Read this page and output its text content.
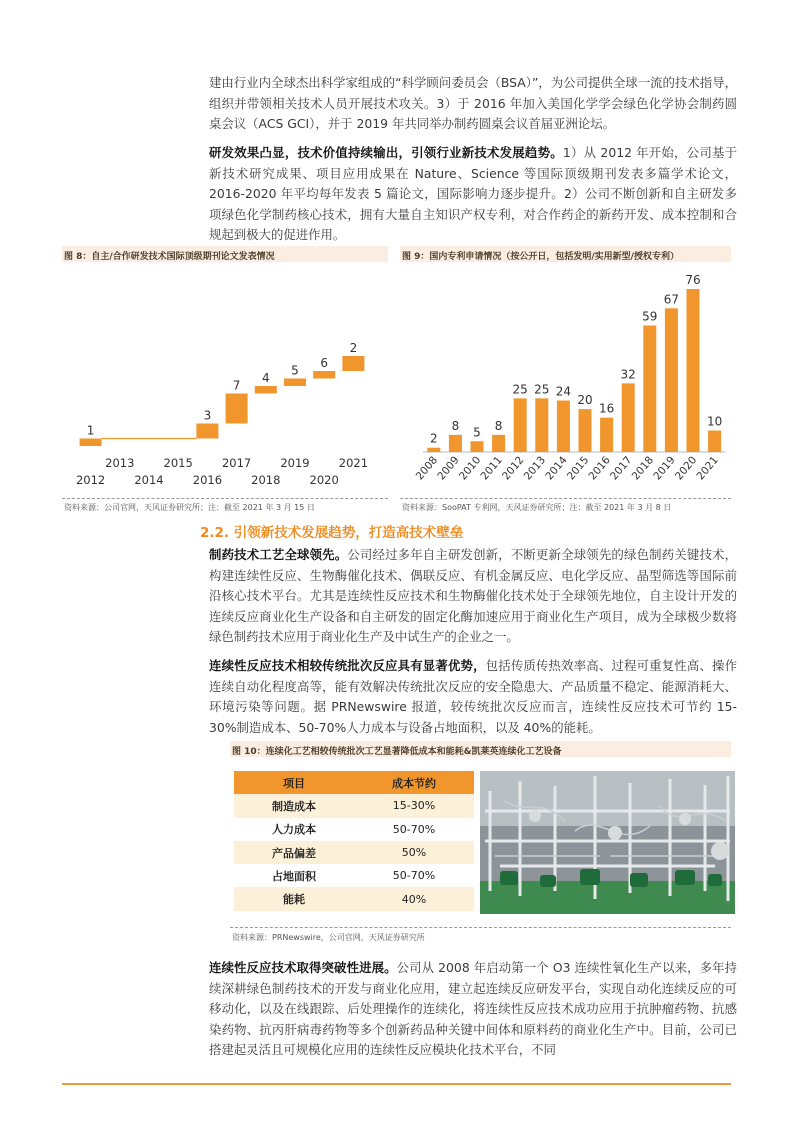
建由行业内全球杰出科学家组成的“科学顾问委员会（BSA）”，为公司提供全球一流的技术指导，组织并带领相关技术人员开展技术攻关。3）于 2016 年加入美国化学学会绿色化学协会制药圆桌会议（ACS GCI），并于 2019 年共同举办制药圆桌会议首届亚洲论坛。
研发效果凸显，技术价值持续输出，引领行业新技术发展趋势。1）从 2012 年开始，公司基于新技术研究成果、项目应用成果在 Nature、Science 等国际顶级期刊发表多篇学术论文，2016-2020 年平均每年发表 5 篇论文，国际影响力逐步提升。2）公司不断创新和自主研发多项绿色化学制药核心技术，拥有大量自主知识产权专利，对合作药企的新药开发、成本控制和合规起到极大的促进作用。
图 8：自主/合作研发技术国际顶级期刊论文发表情况
1
3
7
4
5
6
2
2012
2013
2014
2015
2016
2017
2018
2019
2020
2021
资料来源：公司官网，天风证券研究所；注：截至 2021 年 3 月 15 日
图 9：国内专利申请情况（按公开日，包括发明/实用新型/授权专利）
2
2008
8
2009
5
2010
8
2011
25
2012
25
2013
24
2014
20
2015
16
2016
32
2017
59
2018
67
2019
76
2020
10
2021
资料来源：SooPAT 专利网，天风证券研究所；注：截至 2021 年 3 月 8 日
2.2. 引领新技术发展趋势，打造高技术壁垒
制药技术工艺全球领先。公司经过多年自主研发创新，不断更新全球领先的绿色制药关键技术，构建连续性反应、生物酶催化技术、偶联反应、有机金属反应、电化学反应、晶型筛选等国际前沿核心技术平台。尤其是连续性反应技术和生物酶催化技术处于全球领先地位，自主设计开发的连续反应商业化生产设备和自主研发的固定化酶加速应用于商业化生产项目，成为全球极少数将绿色制药技术应用于商业化生产及中试生产的企业之一。
连续性反应技术相较传统批次反应具有显著优势，包括传质传热效率高、过程可重复性高、操作连续自动化程度高等，能有效解决传统批次反应的安全隐患大、产品质量不稳定、能源消耗大、环境污染等问题。据 PRNewswire 报道，较传统批次反应而言，连续性反应技术可节约 15-30%制造成本、50-70%人力成本与设备占地面积，以及 40%的能耗。
图 10：连续化工艺相较传统批次工艺显著降低成本和能耗&凯莱英连续化工艺设备
项目	成本节约
制造成本	15-30%
人力成本	50-70%
产品偏差	50%
占地面积	50-70%
能耗	40%
资料来源：PRNewswire，公司官网，天风证券研究所
连续性反应技术取得突破性进展。公司从 2008 年启动第一个 O3 连续性氧化生产以来，多年持续深耕绿色制药技术的开发与商业化应用，建立起连续反应研发平台，实现自动化连续反应的可移动化，以及在线跟踪、后处理操作的连续化，将连续性反应技术成功应用于抗肿瘤药物、抗感染药物、抗丙肝病毒药物等多个创新药品种关键中间体和原料药的商业化生产中。目前，公司已搭建起灵活且可规模化应用的连续性反应模块化技术平台，不同
